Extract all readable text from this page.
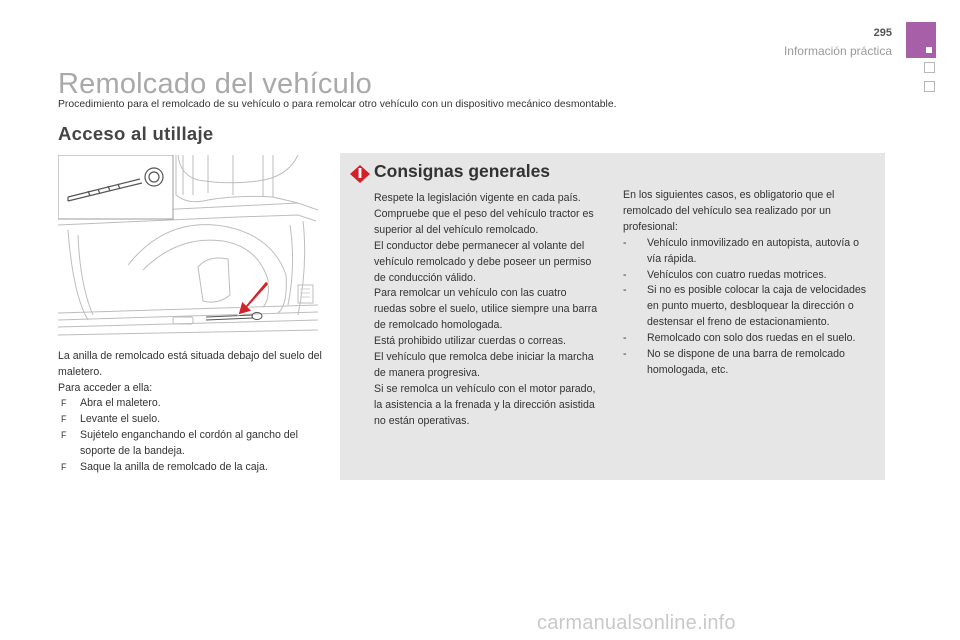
295
Información práctica
Remolcado del vehículo

Procedimiento para el remolcado de su vehículo o para remolcar otro vehículo con un dispositivo mecánico desmontable.

Acceso al utillaje

La anilla de remolcado está situada debajo del suelo del maletero.

Para acceder a ella:

F Abra el maletero.
F Levante el suelo.
F Sujételo enganchando el cordón al gancho del soporte de la bandeja.
F Saque la anilla de remolcado de la caja.
Consignas generales

Respete la legislación vigente en cada país.

Compruebe que el peso del vehículo tractor es superior al del vehículo remolcado.

El conductor debe permanecer al volante del vehículo remolcado y debe poseer un permiso de conducción válido.

Para remolcar un vehículo con las cuatro ruedas sobre el suelo, utilice siempre una barra de remolcado homologada.

Está prohibido utilizar cuerdas o correas.

El vehículo que remolca debe iniciar la marcha de manera progresiva.

Si se remolca un vehículo con el motor parado, la asistencia a la frenada y la dirección asistida no están operativas.

En los siguientes casos, es obligatorio que el remolcado del vehículo sea realizado por un profesional:

- Vehículo inmovilizado en autopista, autovía o vía rápida.
- Vehículos con cuatro ruedas motrices.
- Si no es posible colocar la caja de velocidades en punto muerto, desbloquear la dirección o destensar el freno de estacionamiento.
- Remolcado con solo dos ruedas en el suelo.
- No se dispone de una barra de remolcado homologada, etc.
carmanualsonline.info
